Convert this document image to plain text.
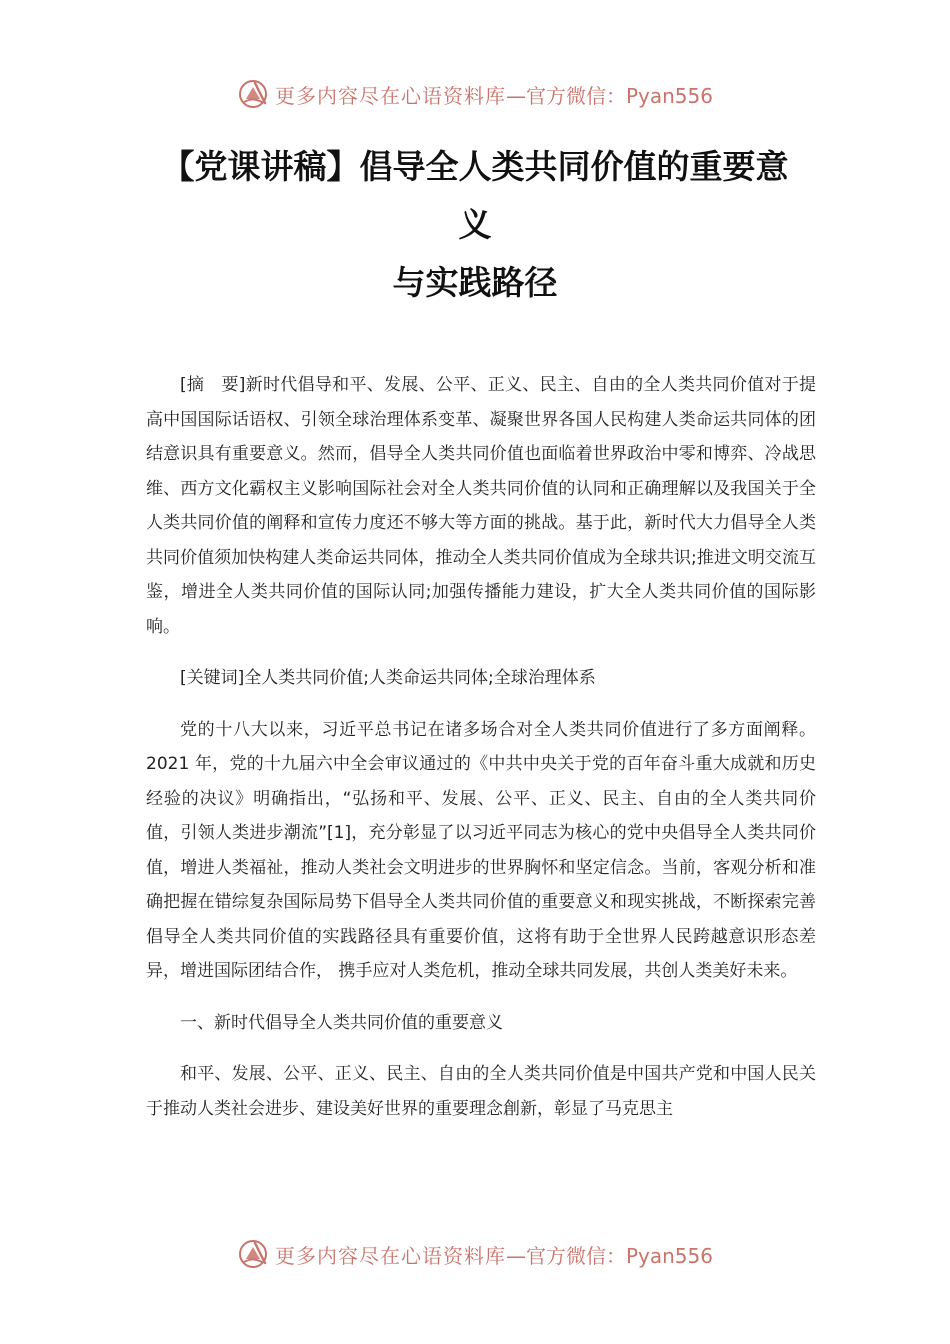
更多内容尽在心语资料库 —官方微信：Pyan556
【党课讲稿】倡导全人类共同价值的重要意
义
与实践路径

[摘　要]新时代倡导和平、发展、公平、正义、民主、自由的全人类共同价值对于提高中国国际话语权、引领全球治理体系变革、凝聚世界各国人民构建人类命运共同体的团结意识具有重要意义。然而，倡导全人类共同价值也面临着世界政治中零和博弈、冷战思维、西方文化霸权主义影响国际社会对全人类共同价值的认同和正确理解以及我国关于全人类共同价值的阐释和宣传力度还不够大等方面的挑战。基于此，新时代大力倡导全人类共同价值须加快构建人类命运共同体，推动全人类共同价值成为全球共识;推进文明交流互鉴，增进全人类共同价值的国际认同;加强传播能力建设，扩大全人类共同价值的国际影响。

[关键词]全人类共同价值;人类命运共同体;全球治理体系

党的十八大以来，习近平总书记在诸多场合对全人类共同价值进行了多方面阐释。2021 年，党的十九届六中全会审议通过的《中共中央关于党的百年奋斗重大成就和历史经验的决议》明确指出，“弘扬和平、发展、公平、正义、民主、自由的全人类共同价值，引领人类进步潮流”[1]，充分彰显了以习近平同志为核心的党中央倡导全人类共同价值，增进人类福祉，推动人类社会文明进步的世界胸怀和坚定信念。当前，客观分析和准确把握在错综复杂国际局势下倡导全人类共同价值的重要意义和现实挑战，不断探索完善倡导全人类共同价值的实践路径具有重要价值，这将有助于全世界人民跨越意识形态差异，增进国际团结合作， 携手应对人类危机，推动全球共同发展，共创人类美好未来。

一、新时代倡导全人类共同价值的重要意义

和平、发展、公平、正义、民主、自由的全人类共同价值是中国共产党和中国人民关于推动人类社会进步、建设美好世界的重要理念創新，彰显了马克思主

更多内容尽在心语资料库 —官方微信：Pyan556
